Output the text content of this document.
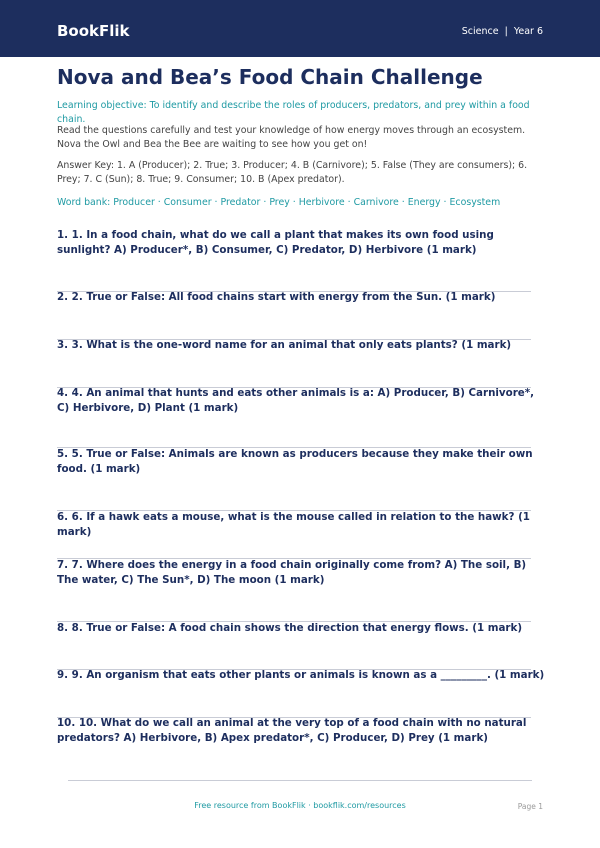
BookFlik	Science | Year 6
Nova and Bea’s Food Chain Challenge

Learning objective: To identify and describe the roles of producers, predators, and prey within a food chain.

Read the questions carefully and test your knowledge of how energy moves through an ecosystem. Nova the Owl and Bea the Bee are waiting to see how you get on!

Answer Key: 1. A (Producer); 2. True; 3. Producer; 4. B (Carnivore); 5. False (They are consumers); 6. Prey; 7. C (Sun); 8. True; 9. Consumer; 10. B (Apex predator).

Word bank: Producer · Consumer · Predator · Prey · Herbivore · Carnivore · Energy · Ecosystem

1. 1. In a food chain, what do we call a plant that makes its own food using sunlight? A) Producer*, B) Consumer, C) Predator, D) Herbivore (1 mark)

2. 2. True or False: All food chains start with energy from the Sun. (1 mark)

3. 3. What is the one-word name for an animal that only eats plants? (1 mark)

4. 4. An animal that hunts and eats other animals is a: A) Producer, B) Carnivore*, C) Herbivore, D) Plant (1 mark)

5. 5. True or False: Animals are known as producers because they make their own food. (1 mark)

6. 6. If a hawk eats a mouse, what is the mouse called in relation to the hawk? (1 mark)

7. 7. Where does the energy in a food chain originally come from? A) The soil, B) The water, C) The Sun*, D) The moon (1 mark)

8. 8. True or False: A food chain shows the direction that energy flows. (1 mark)

9. 9. An organism that eats other plants or animals is known as a _________. (1 mark)

10. 10. What do we call an animal at the very top of a food chain with no natural predators? A) Herbivore, B) Apex predator*, C) Producer, D) Prey (1 mark)

Free resource from BookFlik · bookflik.com/resources	Page 1
